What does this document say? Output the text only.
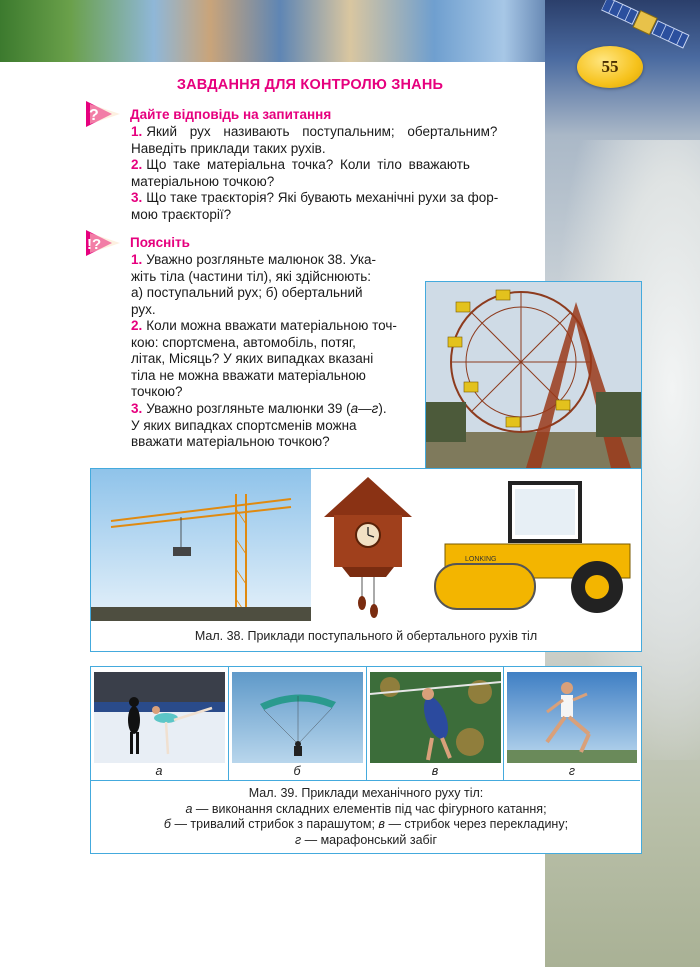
55
ЗАВДАННЯ ДЛЯ КОНТРОЛЮ ЗНАНЬ
? Дайте відповідь на запитання
1. Який рух називають поступальним; обертальним?
Наведіть приклади таких рухів.
2. Що таке матеріальна точка? Коли тіло вважають
матеріальною точкою?
3. Що таке траєкторія? Які бувають механічні рухи за фор-
мою траєкторії?
!? Поясніть
1. Уважно розгляньте малюнок 38. Ука-
жіть тіла (частини тіл), які здійснюють:
а) поступальний рух; б) обертальний
рух.
2. Коли можна вважати матеріальною точ-
кою: спортсмена, автомобіль, потяг,
літак, Місяць? У яких випадках вказані
тіла не можна вважати матеріальною
точкою?
3. Уважно розгляньте малюнки 39 (а—г).
У яких випадках спортсменів можна
вважати матеріальною точкою?
LONKING
Мал. 38. Приклади поступального й обертального рухів тіл
а	б	в	г
Мал. 39. Приклади механічного руху тіл:
а — виконання складних елементів під час фігурного катання;
б — тривалий стрибок з парашутом; в — стрибок через перекладину;
г — марафонський забіг
